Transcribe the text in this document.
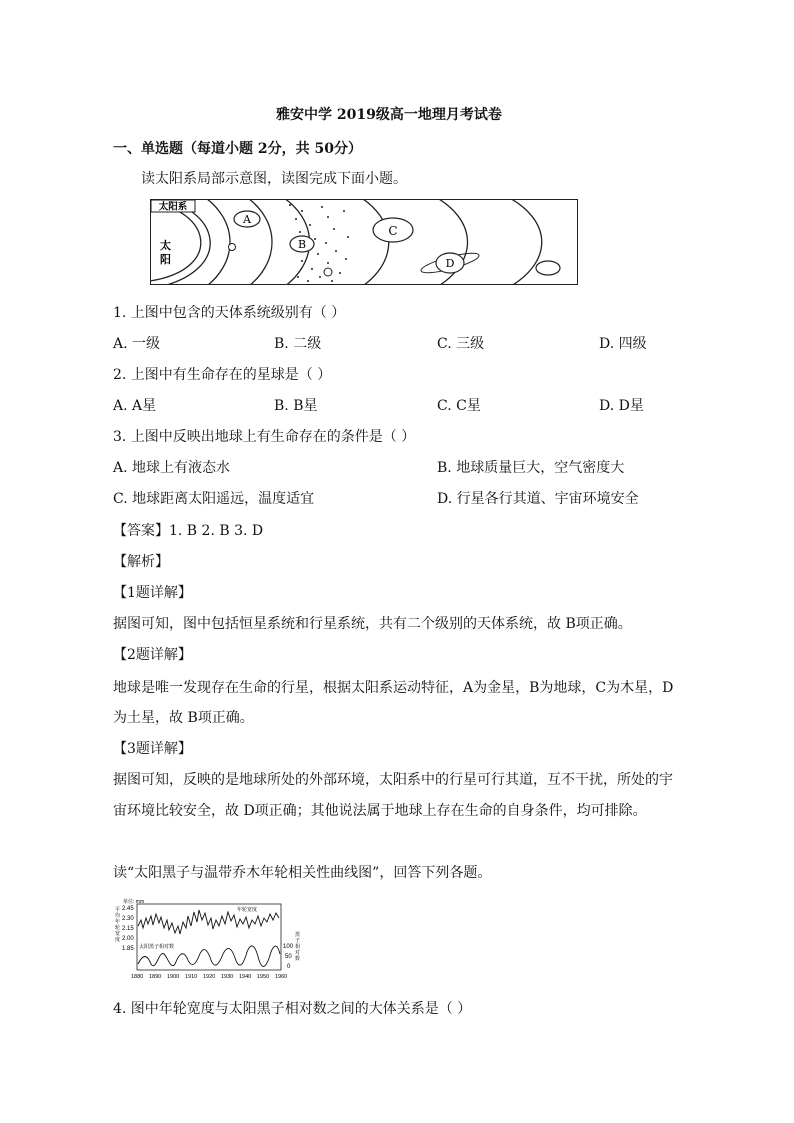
雅安中学 2019级高一地理月考试卷
一、单选题（每道小题 2分，共 50分）
读太阳系局部示意图，读图完成下面小题。
太阳系
太
阳
A
B
C
D
1. 上图中包含的天体系统级别有（ ）
A. 一级	B. 二级	C. 三级	D. 四级
2. 上图中有生命存在的星球是（ ）
A. A星	B. B星	C. C星	D. D星
3. 上图中反映出地球上有生命存在的条件是（ ）
A. 地球上有液态水	B. 地球质量巨大，空气密度大
C. 地球距离太阳遥远，温度适宜	D. 行星各行其道、宇宙环境安全
【答案】1. B 2. B 3. D
【解析】
【1题详解】
据图可知，图中包括恒星系统和行星系统，共有二个级别的天体系统，故 B项正确。
【2题详解】
地球是唯一发现存在生命的行星，根据太阳系运动特征，A为金星，B为地球，C为木星，D
为土星，故 B项正确。
【3题详解】
据图可知，反映的是地球所处的外部环境，太阳系中的行星可行其道，互不干扰，所处的宇
宙环境比较安全，故 D项正确；其他说法属于地球上存在生命的自身条件，均可排除。
读“太阳黑子与温带乔木年轮相关性曲线图”，回答下列各题。
单位: mm
平
均
年
轮
宽
度
2.45
2.30
2.15
2.00
1.85
年轮宽度
太阳黑子相对数	100
50
0
黑
子
相
对
数
1880 1890 1900 1910 1920 1930 1940 1950 1960
4. 图中年轮宽度与太阳黑子相对数之间的大体关系是（ ）
